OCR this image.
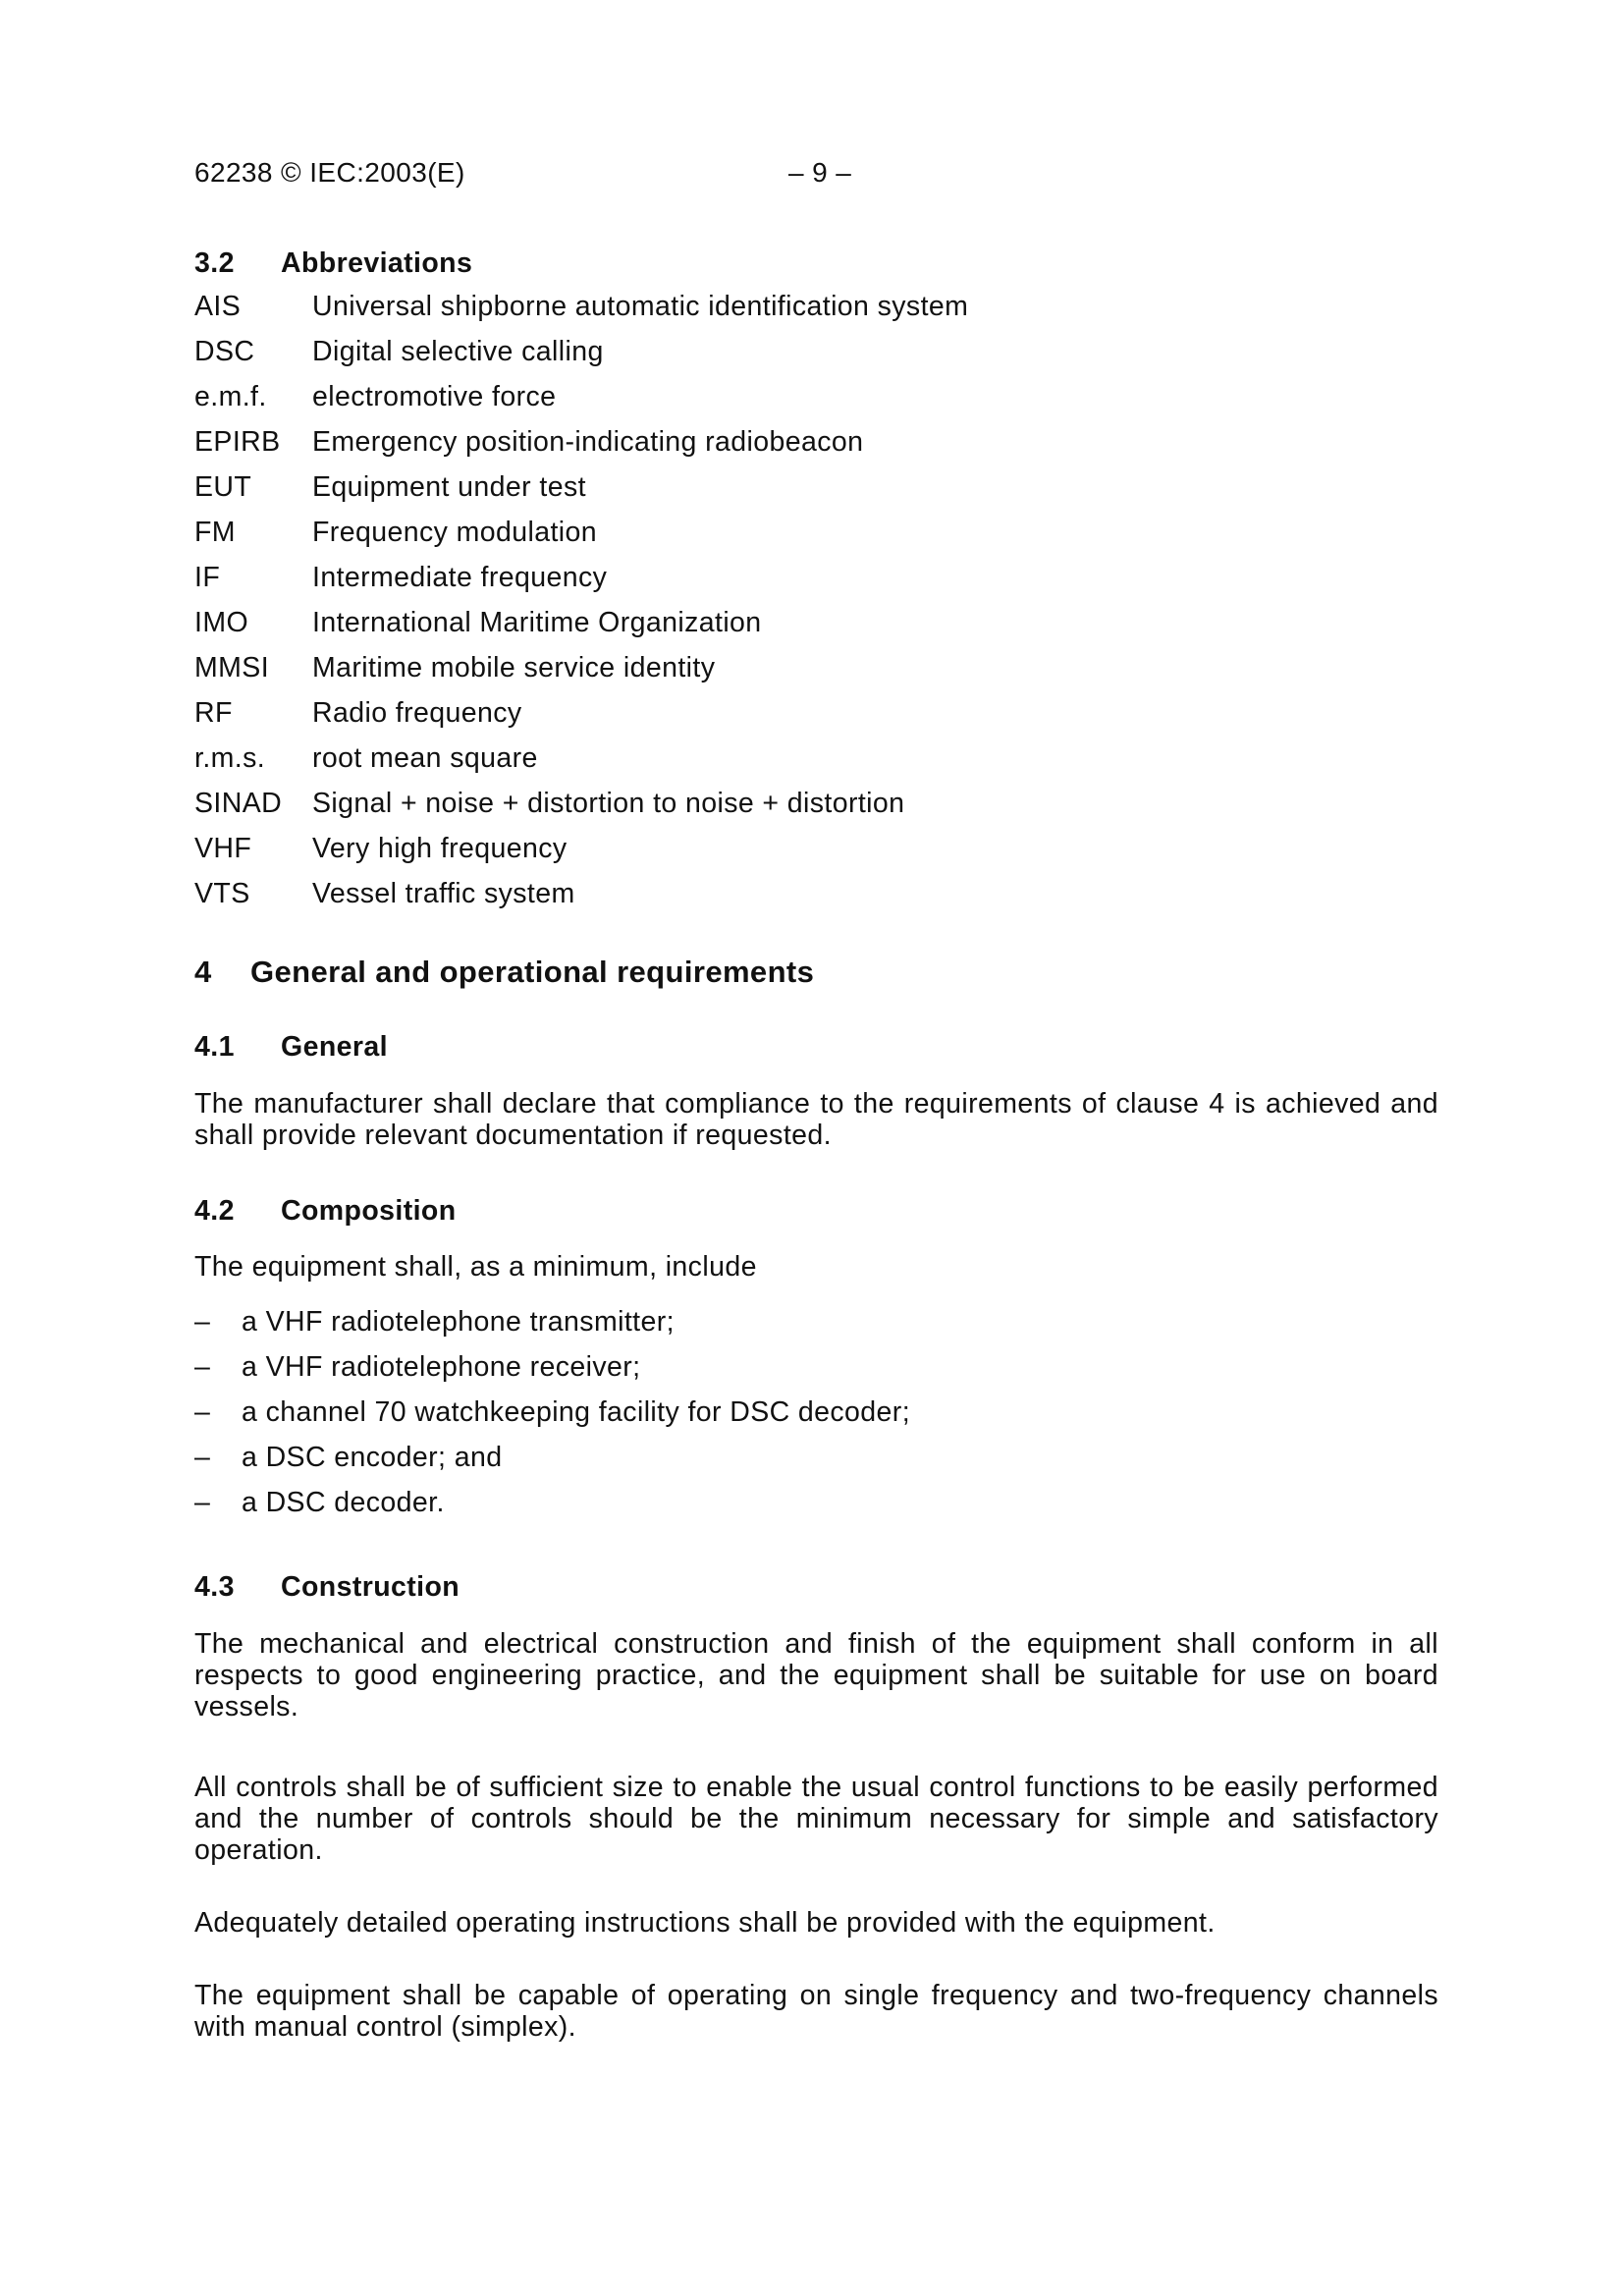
62238 © IEC:2003(E)	– 9 –
3.2 Abbreviations
AIS	Universal shipborne automatic identification system
DSC Digital selective calling
e.m.f. electromotive force
EPIRB Emergency position-indicating radiobeacon
EUT Equipment under test
FM	Frequency modulation
IF	Intermediate frequency
IMO International Maritime Organization
MMSI Maritime mobile service identity
RF	Radio frequency
r.m.s. root mean square
SINAD Signal + noise + distortion to noise + distortion
VHF Very high frequency
VTS Vessel traffic system
4 General and operational requirements
4.1 General

The manufacturer shall declare that compliance to the requirements of clause 4 is achieved and shall provide relevant documentation if requested.

4.2 Composition

The equipment shall, as a minimum, include

– a VHF radiotelephone transmitter;
– a VHF radiotelephone receiver;
– a channel 70 watchkeeping facility for DSC decoder;
– a DSC encoder; and
– a DSC decoder.
4.3 Construction

The mechanical and electrical construction and finish of the equipment shall conform in all respects to good engineering practice, and the equipment shall be suitable for use on board vessels.

All controls shall be of sufficient size to enable the usual control functions to be easily performed and the number of controls should be the minimum necessary for simple and satisfactory operation.

Adequately detailed operating instructions shall be provided with the equipment.

The equipment shall be capable of operating on single frequency and two-frequency channels with manual control (simplex).
